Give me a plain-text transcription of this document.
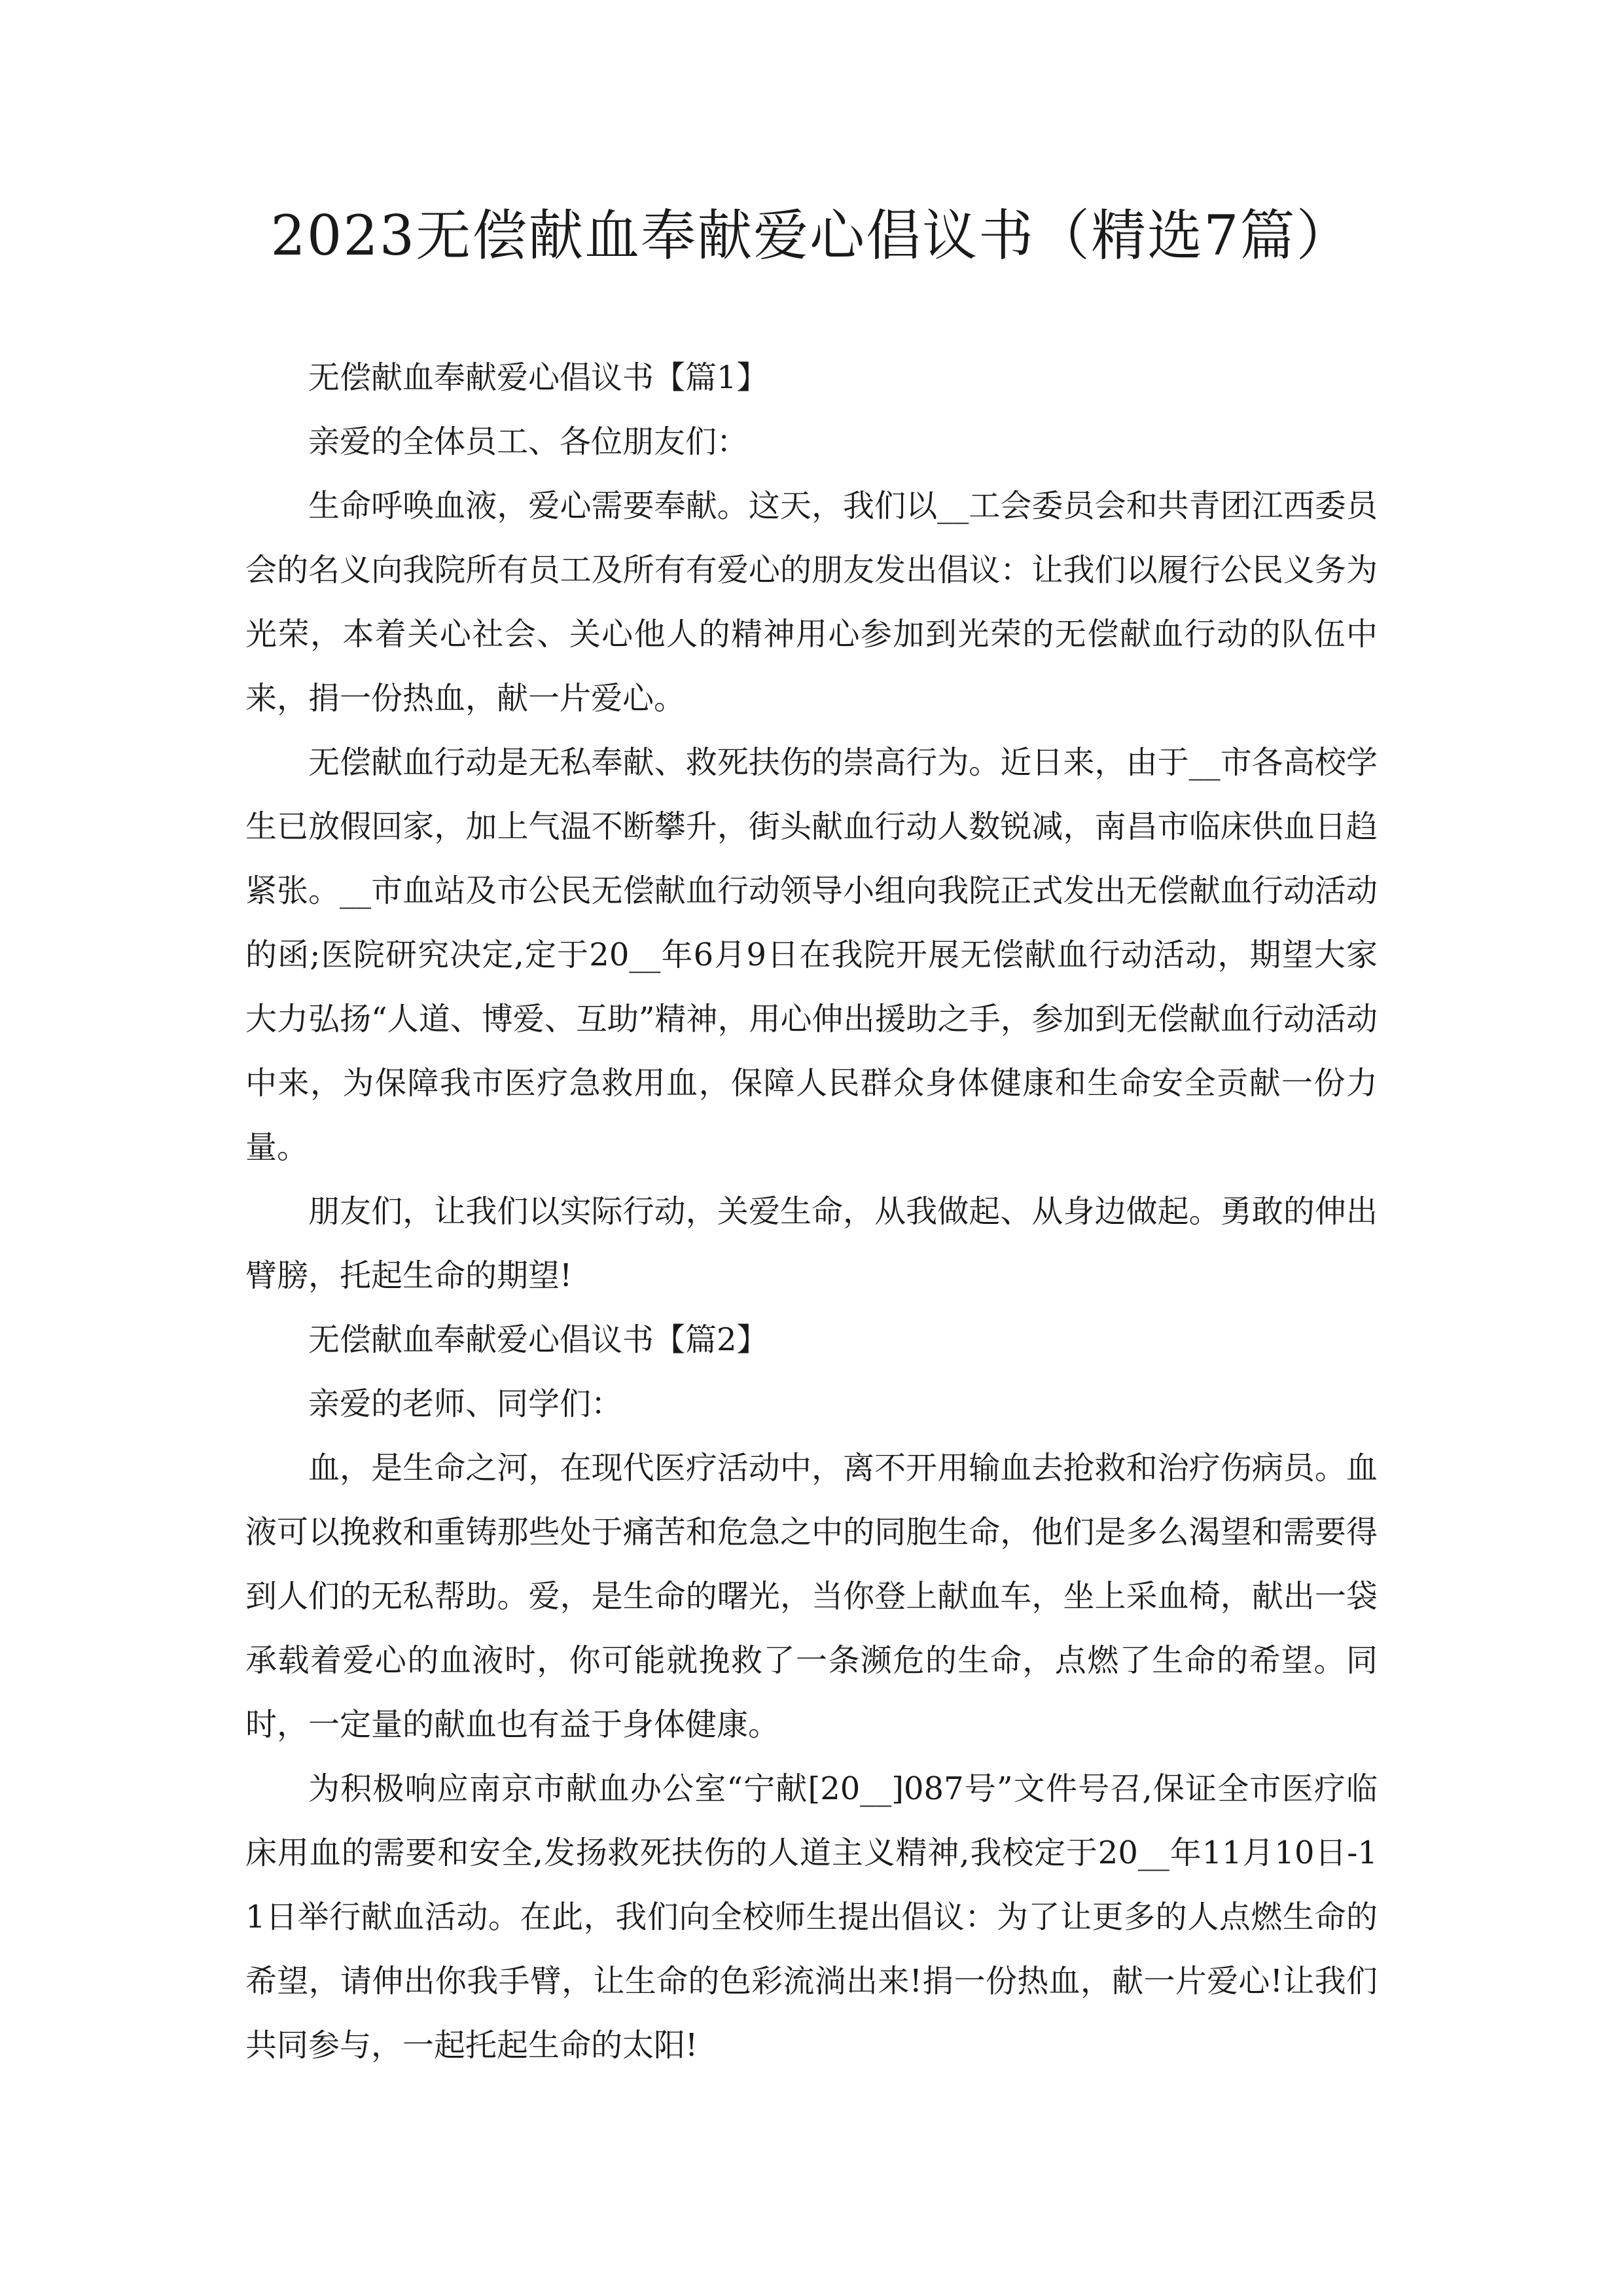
2023无偿献血奉献爱心倡议书（精选7篇）

无偿献血奉献爱心倡议书【篇1】

亲爱的全体员工、各位朋友们：

生命呼唤血液，爱心需要奉献。这天，我们以__工会委员会和共青团江西委员会的名义向我院所有员工及所有有爱心的朋友发出倡议：让我们以履行公民义务为光荣，本着关心社会、关心他人的精神用心参加到光荣的无偿献血行动的队伍中来，捐一份热血，献一片爱心。

无偿献血行动是无私奉献、救死扶伤的崇高行为。近日来，由于__市各高校学生已放假回家，加上气温不断攀升，街头献血行动人数锐减，南昌市临床供血日趋紧张。__市血站及市公民无偿献血行动领导小组向我院正式发出无偿献血行动活动的函;医院研究决定,定于20__年6月9日在我院开展无偿献血行动活动，期望大家大力弘扬“人道、博爱、互助”精神，用心伸出援助之手，参加到无偿献血行动活动中来，为保障我市医疗急救用血，保障人民群众身体健康和生命安全贡献一份力量。

朋友们，让我们以实际行动，关爱生命，从我做起、从身边做起。勇敢的伸出臂膀，托起生命的期望!

无偿献血奉献爱心倡议书【篇2】

亲爱的老师、同学们：

血，是生命之河，在现代医疗活动中，离不开用输血去抢救和治疗伤病员。血液可以挽救和重铸那些处于痛苦和危急之中的同胞生命，他们是多么渴望和需要得到人们的无私帮助。爱，是生命的曙光，当你登上献血车，坐上采血椅，献出一袋承载着爱心的血液时，你可能就挽救了一条濒危的生命，点燃了生命的希望。同时，一定量的献血也有益于身体健康。

为积极响应南京市献血办公室“宁献[20__]087号”文件号召,保证全市医疗临床用血的需要和安全,发扬救死扶伤的人道主义精神,我校定于20__年11月10日-11日举行献血活动。在此，我们向全校师生提出倡议：为了让更多的人点燃生命的希望，请伸出你我手臂，让生命的色彩流淌出来!捐一份热血，献一片爱心!让我们共同参与，一起托起生命的太阳!
